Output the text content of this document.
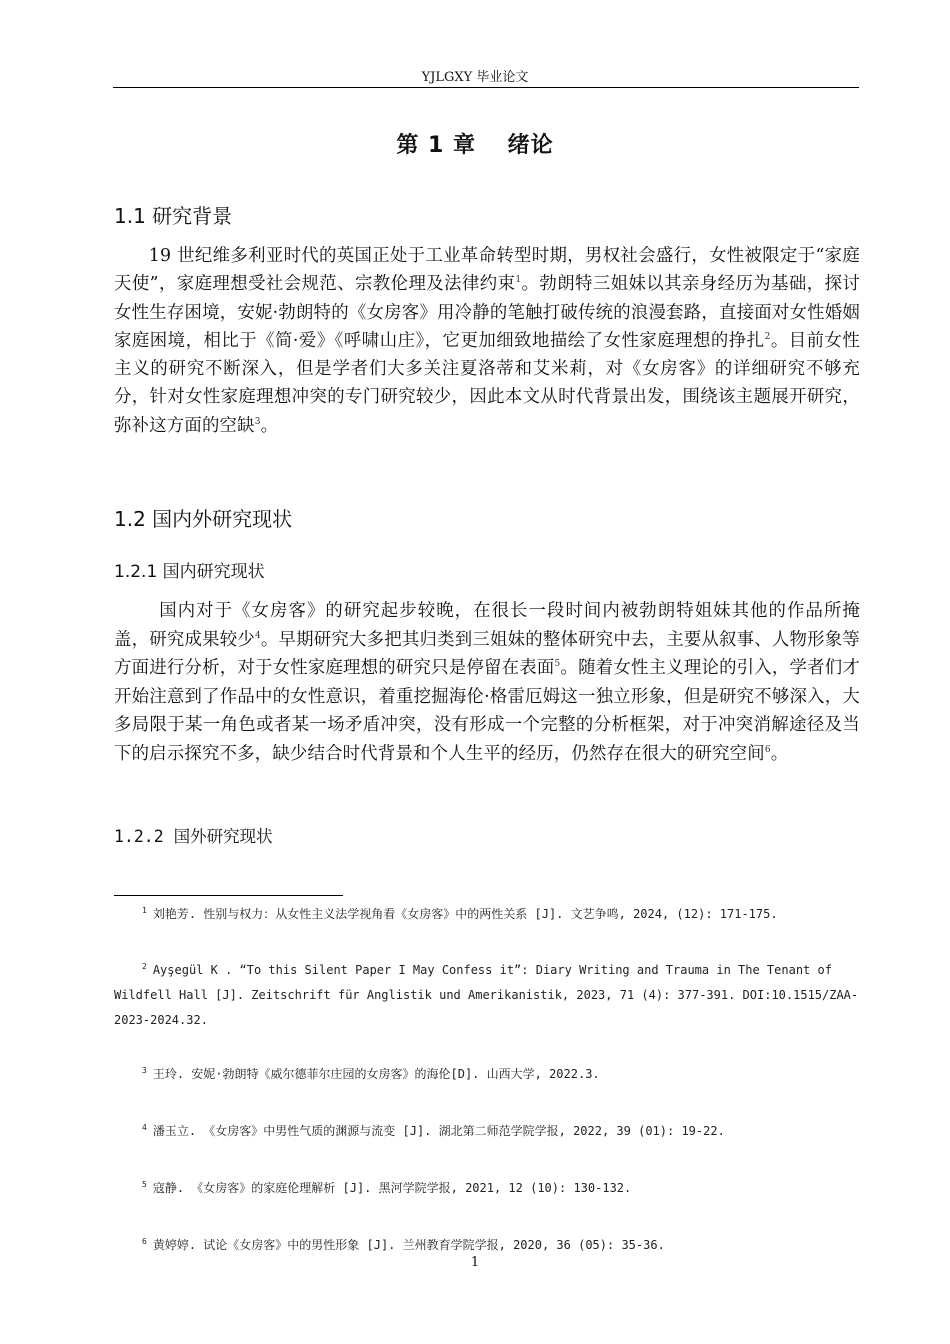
YJLGXY 毕业论文
第 1 章　 绪论
1.1 研究背景
19 世纪维多利亚时代的英国正处于工业革命转型时期，男权社会盛行，女性被限定于“家庭天使”，家庭理想受社会规范、宗教伦理及法律约束$^1$。勃朗特三姐妹以其亲身经历为基础，探讨女性生存困境，安妮·勃朗特的《女房客》用冷静的笔触打破传统的浪漫套路，直接面对女性婚姻家庭困境，相比于《简·爱》《呼啸山庄》，它更加细致地描绘了女性家庭理想的挣扎$^2$。目前女性主义的研究不断深入，但是学者们大多关注夏洛蒂和艾米莉，对《女房客》的详细研究不够充分，针对女性家庭理想冲突的专门研究较少，因此本文从时代背景出发，围绕该主题展开研究，弥补这方面的空缺$^3$。
1.2 国内外研究现状
1.2.1 国内研究现状
国内对于《女房客》的研究起步较晚，在很长一段时间内被勃朗特姐妹其他的作品所掩盖，研究成果较少$^4$。早期研究大多把其归类到三姐妹的整体研究中去，主要从叙事、人物形象等方面进行分析，对于女性家庭理想的研究只是停留在表面$^5$。随着女性主义理论的引入，学者们才开始注意到了作品中的女性意识，着重挖掘海伦·格雷厄姆这一独立形象，但是研究不够深入，大多局限于某一角色或者某一场矛盾冲突，没有形成一个完整的分析框架，对于冲突消解途径及当下的启示探究不多，缺少结合时代背景和个人生平的经历，仍然存在很大的研究空间$^6$。
1.2.2 国外研究现状
$^1$ 刘艳芳. 性别与权力：从女性主义法学视角看《女房客》中的两性关系 [J]. 文艺争鸣, 2024, (12): 171-175.
$^2$ Ayşegül K . “To this Silent Paper I May Confess it”: Diary Writing and Trauma in The Tenant of Wildfell Hall [J]. Zeitschrift für Anglistik und Amerikanistik, 2023, 71 (4): 377-391. DOI:10.1515/ZAA-2023-2024.32.
$^3$ 王玲. 安妮·勃朗特《威尔德菲尔庄园的女房客》的海伦[D]. 山西大学, 2022.3.
$^4$ 潘玉立. 《女房客》中男性气质的渊源与流变 [J]. 湖北第二师范学院学报, 2022, 39 (01): 19-22.
$^5$ 寇静. 《女房客》的家庭伦理解析 [J]. 黑河学院学报, 2021, 12 (10): 130-132.
$^6$ 黄婷婷. 试论《女房客》中的男性形象 [J]. 兰州教育学院学报, 2020, 36 (05): 35-36.
1
